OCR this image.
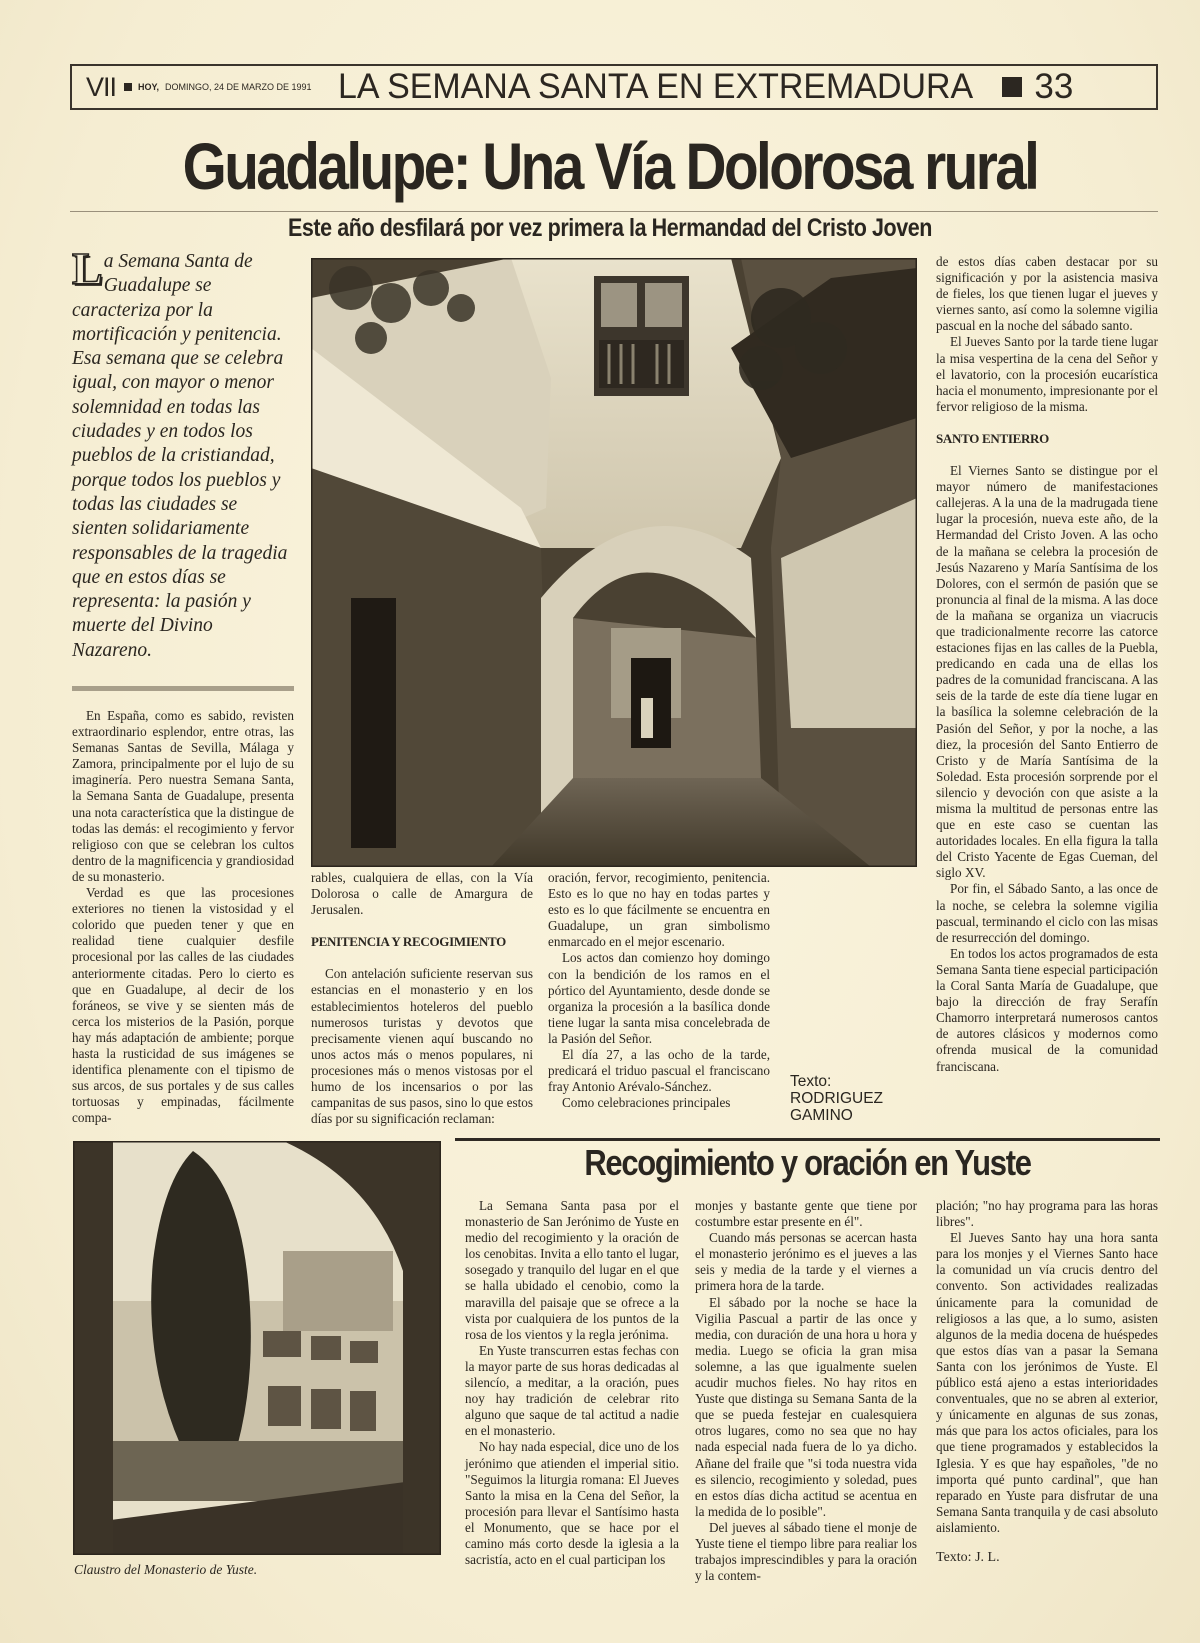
VII HOY, DOMINGO, 24 DE MARZO DE 1991 LA SEMANA SANTA EN EXTREMADURA 33
Guadalupe: Una Vía Dolorosa rural
Este año desfilará por vez primera la Hermandad del Cristo Joven
La Semana Santa de Guadalupe se caracteriza por la mortificación y penitencia. Esa semana que se celebra igual, con mayor o menor solemnidad en todas las ciudades y en todos los pueblos de la cristiandad, porque todos los pueblos y todas las ciudades se sienten solidariamente responsables de la tragedia que en estos días se representa: la pasión y muerte del Divino Nazareno.

En España, como es sabido, revisten extraordinario esplendor, entre otras, las Semanas Santas de Sevilla, Málaga y Zamora, principalmente por el lujo de su imaginería. Pero nuestra Semana Santa, la Semana Santa de Guadalupe, presenta una nota característica que la distingue de todas las demás: el recogimiento y fervor religioso con que se celebran los cultos dentro de la magnificencia y grandiosidad de su monasterio.

Verdad es que las procesiones exteriores no tienen la vistosidad y el colorido que pueden tener y que en realidad tiene cualquier desfile procesional por las calles de las ciudades anteriormente citadas. Pero lo cierto es que en Guadalupe, al decir de los foráneos, se vive y se sienten más de cerca los misterios de la Pasión, porque hay más adaptación de ambiente; porque hasta la rusticidad de sus imágenes se identifica plenamente con el tipismo de sus arcos, de sus portales y de sus calles tortuosas y empinadas, fácilmente compa-

rables, cualquiera de ellas, con la Vía Dolorosa o calle de Amargura de Jerusalen.

PENITENCIA Y RECOGIMIENTO

Con antelación suficiente reservan sus estancias en el monasterio y en los establecimientos hoteleros del pueblo numerosos turistas y devotos que precisamente vienen aquí buscando no unos actos más o menos populares, ni procesiones más o menos vistosas por el humo de los incensarios o por las campanitas de sus pasos, sino lo que estos días por su significación reclaman:

oración, fervor, recogimiento, penitencia. Esto es lo que no hay en todas partes y esto es lo que fácilmente se encuentra en Guadalupe, un gran simbolismo enmarcado en el mejor escenario.

Los actos dan comienzo hoy domingo con la bendición de los ramos en el pórtico del Ayuntamiento, desde donde se organiza la procesión a la basílica donde tiene lugar la santa misa concelebrada de la Pasión del Señor.

El día 27, a las ocho de la tarde, predicará el triduo pascual el franciscano fray Antonio Arévalo-Sánchez.

Como celebraciones principales

Texto:
RODRIGUEZ
GAMINO

de estos días caben destacar por su significación y por la asistencia masiva de fieles, los que tienen lugar el jueves y viernes santo, así como la solemne vigilia pascual en la noche del sábado santo.

El Jueves Santo por la tarde tiene lugar la misa vespertina de la cena del Señor y el lavatorio, con la procesión eucarística hacia el monumento, impresionante por el fervor religioso de la misma.

SANTO ENTIERRO

El Viernes Santo se distingue por el mayor número de manifestaciones callejeras. A la una de la madrugada tiene lugar la procesión, nueva este año, de la Hermandad del Cristo Joven. A las ocho de la mañana se celebra la procesión de Jesús Nazareno y María Santísima de los Dolores, con el sermón de pasión que se pronuncia al final de la misma. A las doce de la mañana se organiza un viacrucis que tradicionalmente recorre las catorce estaciones fijas en las calles de la Puebla, predicando en cada una de ellas los padres de la comunidad franciscana. A las seis de la tarde de este día tiene lugar en la basílica la solemne celebración de la Pasión del Señor, y por la noche, a las diez, la procesión del Santo Entierro de Cristo y de María Santísima de la Soledad. Esta procesión sorprende por el silencio y devoción con que asiste a la misma la multitud de personas entre las que en este caso se cuentan las autoridades locales. En ella figura la talla del Cristo Yacente de Egas Cueman, del siglo XV.

Por fin, el Sábado Santo, a las once de la noche, se celebra la solemne vigilia pascual, terminando el ciclo con las misas de resurrección del domingo.

En todos los actos programados de esta Semana Santa tiene especial participación la Coral Santa María de Guadalupe, que bajo la dirección de fray Serafín Chamorro interpretará numerosos cantos de autores clásicos y modernos como ofrenda musical de la comunidad franciscana.

Recogimiento y oración en Yuste
Claustro del Monasterio de Yuste.

La Semana Santa pasa por el monasterio de San Jerónimo de Yuste en medio del recogimiento y la oración de los cenobitas. Invita a ello tanto el lugar, sosegado y tranquilo del lugar en el que se halla ubidado el cenobio, como la maravilla del paisaje que se ofrece a la vista por cualquiera de los puntos de la rosa de los vientos y la regla jerónima.

En Yuste transcurren estas fechas con la mayor parte de sus horas dedicadas al silencío, a meditar, a la oración, pues noy hay tradición de celebrar rito alguno que saque de tal actitud a nadie en el monasterio.

No hay nada especial, dice uno de los jerónimo que atienden el imperial sitio. "Seguimos la liturgia romana: El Jueves Santo la misa en la Cena del Señor, la procesión para llevar el Santísimo hasta el Monumento, que se hace por el camino más corto desde la iglesia a la sacristía, acto en el cual participan los

monjes y bastante gente que tiene por costumbre estar presente en él".

Cuando más personas se acercan hasta el monasterio jerónimo es el jueves a las seis y media de la tarde y el viernes a primera hora de la tarde.

El sábado por la noche se hace la Vigilia Pascual a partir de las once y media, con duración de una hora u hora y media. Luego se oficia la gran misa solemne, a las que igualmente suelen acudir muchos fieles. No hay ritos en Yuste que distinga su Semana Santa de la que se pueda festejar en cualesquiera otros lugares, como no sea que no hay nada especial nada fuera de lo ya dicho. Añane del fraile que "si toda nuestra vida es silencio, recogimiento y soledad, pues en estos días dicha actitud se acentua en la medida de lo posible".

Del jueves al sábado tiene el monje de Yuste tiene el tiempo libre para realiar los trabajos imprescindibles y para la oración y la contem-

plación; "no hay programa para las horas libres".

El Jueves Santo hay una hora santa para los monjes y el Viernes Santo hace la comunidad un vía crucis dentro del convento. Son actividades realizadas únicamente para la comunidad de religiosos a las que, a lo sumo, asisten algunos de la media docena de huéspedes que estos días van a pasar la Semana Santa con los jerónimos de Yuste. El público está ajeno a estas interioridades conventuales, que no se abren al exterior, y únicamente en algunas de sus zonas, más que para los actos oficiales, para los que tiene programados y establecidos la Iglesia. Y es que hay españoles, "de no importa qué punto cardinal", que han reparado en Yuste para disfrutar de una Semana Santa tranquila y de casi absoluto aislamiento.

Texto: J. L.
